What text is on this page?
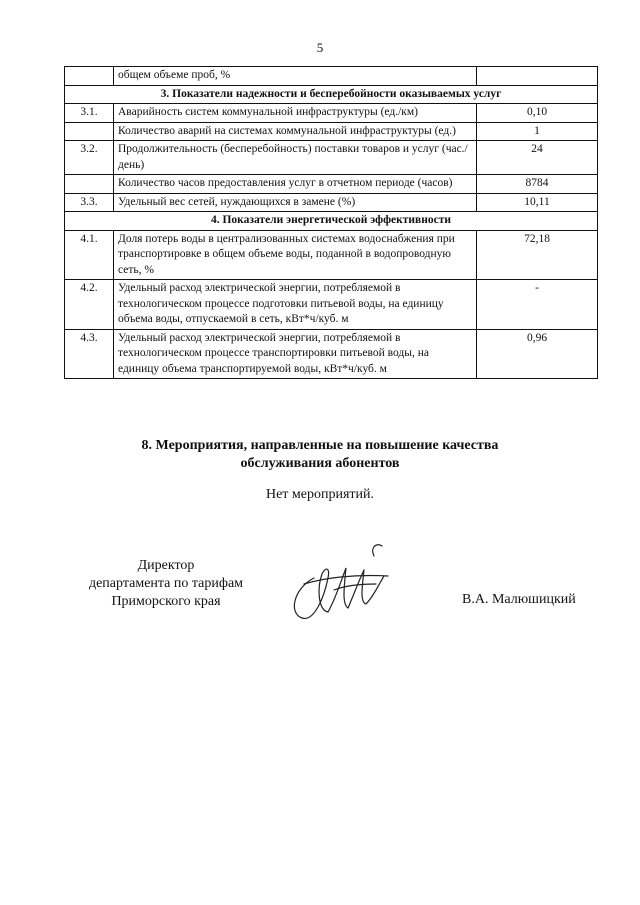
5
	общем объеме проб, %	
3. Показатели надежности и бесперебойности оказываемых услуг		
3.1.	Аварийность систем коммунальной инфраструктуры (ед./км)	0,10
	Количество аварий на системах коммунальной инфраструктуры (ед.)	1
3.2.	Продолжительность (бесперебойность) поставки товаров и услуг (час./день)	24
	Количество часов предоставления услуг в отчетном периоде (часов)	8784
3.3.	Удельный вес сетей, нуждающихся в замене (%)	10,11
4. Показатели энергетической эффективности		
4.1.	Доля потерь воды в централизованных системах водоснабжения при транспортировке в общем объеме воды, поданной в водопроводную сеть, %	72,18
4.2.	Удельный расход электрической энергии, потребляемой в технологическом процессе подготовки питьевой воды, на единицу объема воды, отпускаемой в сеть, кВт*ч/куб. м	-
4.3.	Удельный расход электрической энергии, потребляемой в технологическом процессе транспортировки питьевой воды, на единицу объема транспортируемой воды, кВт*ч/куб. м	0,96
8. Мероприятия, направленные на повышение качества
обслуживания абонентов
Нет мероприятий.
Директор
департамента по тарифам
Приморского края	В.А. Малюшицкий
